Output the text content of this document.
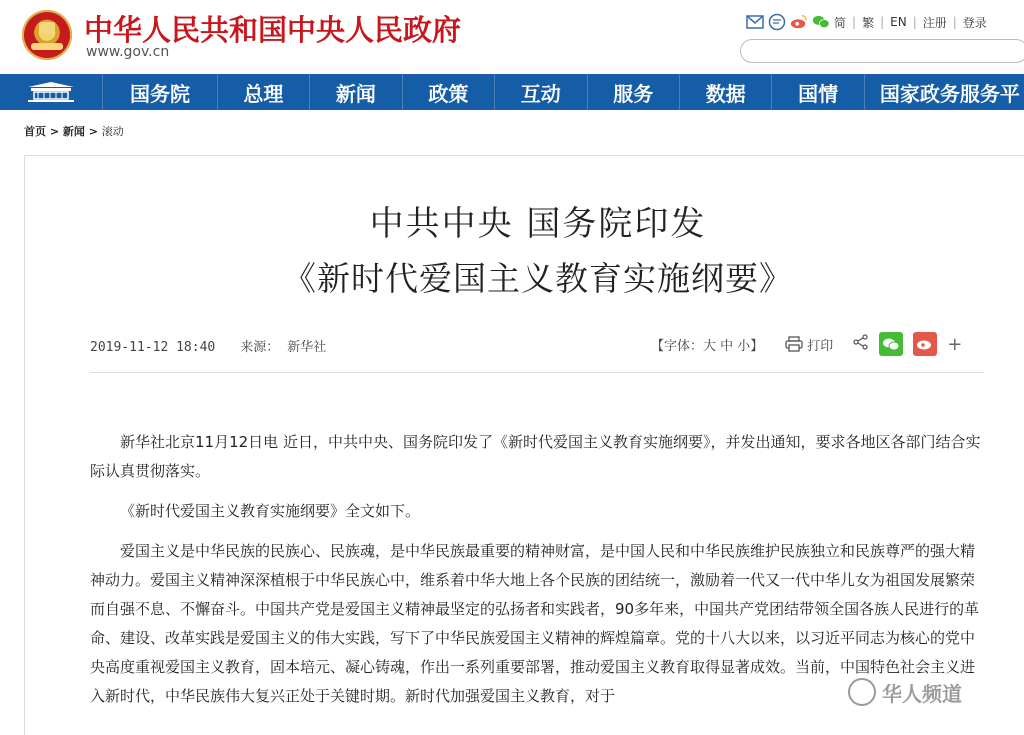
中华人民共和国中央人民政府
www.gov.cn
简 | 繁 | EN | 注册 | 登录
国务院	总理	新闻	政策	互动	服务	数据	国情	国家政务服务平
首页 > 新闻 > 滚动
中共中央 国务院印发
《新时代爱国主义教育实施纲要》
2019-11-12 18:40 来源： 新华社	【字体：大 中 小】	打印	+

新华社北京11月12日电 近日，中共中央、国务院印发了《新时代爱国主义教育实施纲要》，并发出通知，要求各地区各部门结合实际认真贯彻落实。

《新时代爱国主义教育实施纲要》全文如下。

爱国主义是中华民族的民族心、民族魂，是中华民族最重要的精神财富，是中国人民和中华民族维护民族独立和民族尊严的强大精神动力。爱国主义精神深深植根于中华民族心中，维系着中华大地上各个民族的团结统一，激励着一代又一代中华儿女为祖国发展繁荣而自强不息、不懈奋斗。中国共产党是爱国主义精神最坚定的弘扬者和实践者，90多年来，中国共产党团结带领全国各族人民进行的革命、建设、改革实践是爱国主义的伟大实践，写下了中华民族爱国主义精神的辉煌篇章。党的十八大以来，以习近平同志为核心的党中央高度重视爱国主义教育，固本培元、凝心铸魂，作出一系列重要部署，推动爱国主义教育取得显著成效。当前，中国特色社会主义进入新时代，中华民族伟大复兴正处于关键时期。新时代加强爱国主义教育，对于	华人频道
